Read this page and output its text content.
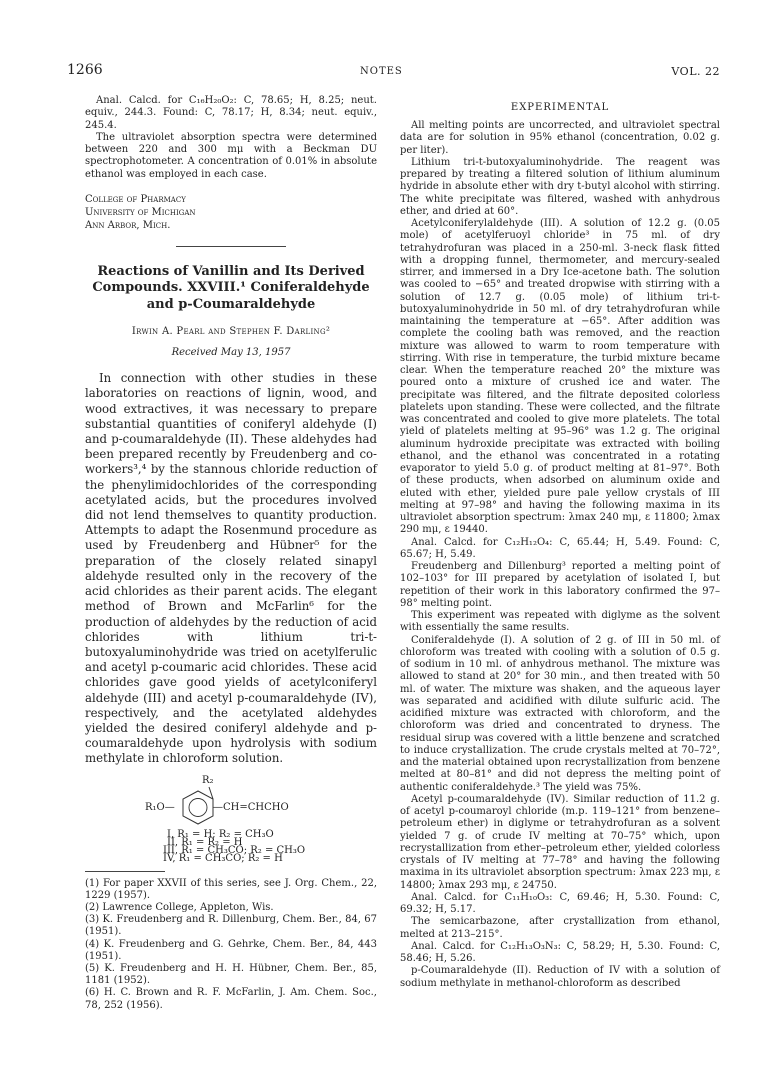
1266	NOTES	VOL. 22

Anal. Calcd. for C₁₆H₂₀O₂: C, 78.65; H, 8.25; neut. equiv., 244.3. Found: C, 78.17; H, 8.34; neut. equiv., 245.4.

The ultraviolet absorption spectra were determined between 220 and 300 mμ with a Beckman DU spectrophotometer. A concentration of 0.01% in absolute ethanol was employed in each case.

College of Pharmacy

University of Michigan

Ann Arbor, Mich.

Reactions of Vanillin and Its Derived Compounds. XXVIII.¹ Coniferaldehyde and p-Coumaraldehyde

Irwin A. Pearl and Stephen F. Darling²

Received May 13, 1957

In connection with other studies in these laboratories on reactions of lignin, wood, and wood extractives, it was necessary to prepare substantial quantities of coniferyl aldehyde (I) and p-coumaraldehyde (II). These aldehydes had been prepared recently by Freudenberg and co-workers³,⁴ by the stannous chloride reduction of the phenylimidochlorides of the corresponding acetylated acids, but the procedures involved did not lend themselves to quantity production. Attempts to adapt the Rosenmund procedure as used by Freudenberg and Hübner⁵ for the preparation of the closely related sinapyl aldehyde resulted only in the recovery of the acid chlorides as their parent acids. The elegant method of Brown and McFarlin⁶ for the production of aldehydes by the reduction of acid chlorides with lithium tri-t-butoxyaluminohydride was tried on acetylferulic and acetyl p-coumaric acid chlorides. These acid chlorides gave good yields of acetylconiferyl aldehyde (III) and acetyl p-coumaraldehyde (IV), respectively, and the acetylated aldehydes yielded the desired coniferyl aldehyde and p-coumaraldehyde upon hydrolysis with sodium methylate in chloroform solution.

R₂
R₁O—	—CH=CHCHO
I, R₁ = H; R₂ = CH₃O
II, R₁ = R₂ = H
III, R₁ = CH₃CO; R₂ = CH₃O
IV, R₁ = CH₃CO; R₂ = H

(1) For paper XXVII of this series, see J. Org. Chem., 22, 1229 (1957).

(2) Lawrence College, Appleton, Wis.

(3) K. Freudenberg and R. Dillenburg, Chem. Ber., 84, 67 (1951).

(4) K. Freudenberg and G. Gehrke, Chem. Ber., 84, 443 (1951).

(5) K. Freudenberg and H. H. Hübner, Chem. Ber., 85, 1181 (1952).

(6) H. C. Brown and R. F. McFarlin, J. Am. Chem. Soc., 78, 252 (1956).

EXPERIMENTAL

All melting points are uncorrected, and ultraviolet spectral data are for solution in 95% ethanol (concentration, 0.02 g. per liter).

Lithium tri-t-butoxyaluminohydride. The reagent was prepared by treating a filtered solution of lithium aluminum hydride in absolute ether with dry t-butyl alcohol with stirring. The white precipitate was filtered, washed with anhydrous ether, and dried at 60°.

Acetylconiferylaldehyde (III). A solution of 12.2 g. (0.05 mole) of acetylferuoyl chloride³ in 75 ml. of dry tetrahydrofuran was placed in a 250-ml. 3-neck flask fitted with a dropping funnel, thermometer, and mercury-sealed stirrer, and immersed in a Dry Ice-acetone bath. The solution was cooled to −65° and treated dropwise with stirring with a solution of 12.7 g. (0.05 mole) of lithium tri-t-butoxyaluminohydride in 50 ml. of dry tetrahydrofuran while maintaining the temperature at −65°. After addition was complete the cooling bath was removed, and the reaction mixture was allowed to warm to room temperature with stirring. With rise in temperature, the turbid mixture became clear. When the temperature reached 20° the mixture was poured onto a mixture of crushed ice and water. The precipitate was filtered, and the filtrate deposited colorless platelets upon standing. These were collected, and the filtrate was concentrated and cooled to give more platelets. The total yield of platelets melting at 95–96° was 1.2 g. The original aluminum hydroxide precipitate was extracted with boiling ethanol, and the ethanol was concentrated in a rotating evaporator to yield 5.0 g. of product melting at 81–97°. Both of these products, when adsorbed on aluminum oxide and eluted with ether, yielded pure pale yellow crystals of III melting at 97–98° and having the following maxima in its ultraviolet absorption spectrum: λmax 240 mμ, ε 11800; λmax 290 mμ, ε 19440.

Anal. Calcd. for C₁₂H₁₂O₄: C, 65.44; H, 5.49. Found: C, 65.67; H, 5.49.

Freudenberg and Dillenburg³ reported a melting point of 102–103° for III prepared by acetylation of isolated I, but repetition of their work in this laboratory confirmed the 97–98° melting point.

This experiment was repeated with diglyme as the solvent with essentially the same results.

Coniferaldehyde (I). A solution of 2 g. of III in 50 ml. of chloroform was treated with cooling with a solution of 0.5 g. of sodium in 10 ml. of anhydrous methanol. The mixture was allowed to stand at 20° for 30 min., and then treated with 50 ml. of water. The mixture was shaken, and the aqueous layer was separated and acidified with dilute sulfuric acid. The acidified mixture was extracted with chloroform, and the chloroform was dried and concentrated to dryness. The residual sirup was covered with a little benzene and scratched to induce crystallization. The crude crystals melted at 70–72°, and the material obtained upon recrystallization from benzene melted at 80–81° and did not depress the melting point of authentic coniferaldehyde.³ The yield was 75%.

Acetyl p-coumaraldehyde (IV). Similar reduction of 11.2 g. of acetyl p-coumaroyl chloride (m.p. 119–121° from benzene–petroleum ether) in diglyme or tetrahydrofuran as a solvent yielded 7 g. of crude IV melting at 70–75° which, upon recrystallization from ether–petroleum ether, yielded colorless crystals of IV melting at 77–78° and having the following maxima in its ultraviolet absorption spectrum: λmax 223 mμ, ε 14800; λmax 293 mμ, ε 24750.

Anal. Calcd. for C₁₁H₁₀O₃: C, 69.46; H, 5.30. Found: C, 69.32; H, 5.17.

The semicarbazone, after crystallization from ethanol, melted at 213–215°.

Anal. Calcd. for C₁₂H₁₃O₃N₃: C, 58.29; H, 5.30. Found: C, 58.46; H, 5.26.

p-Coumaraldehyde (II). Reduction of IV with a solution of sodium methylate in methanol-chloroform as described
